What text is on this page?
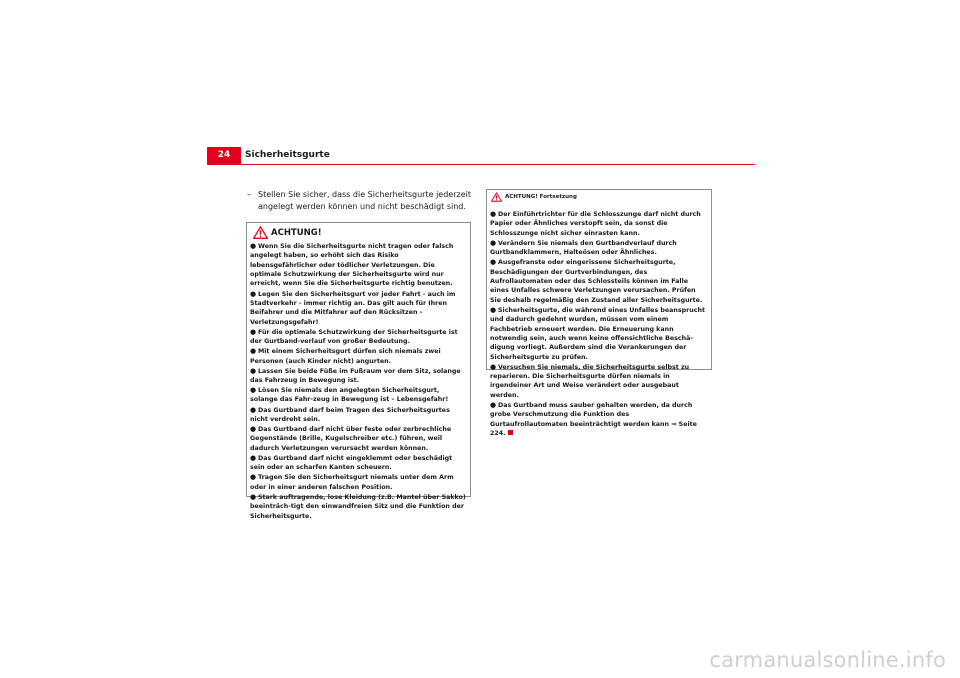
24	Sicherheitsgurte
– Stellen Sie sicher, dass die Sicherheitsgurte jederzeit angelegt werden können und nicht beschädigt sind.
ACHTUNG!
● Wenn Sie die Sicherheitsgurte nicht tragen oder falsch angelegt haben, so erhöht sich das Risiko lebensgefährlicher oder tödlicher Verletzungen. Die optimale Schutzwirkung der Sicherheitsgurte wird nur erreicht, wenn Sie die Sicherheitsgurte richtig benutzen.
● Legen Sie den Sicherheitsgurt vor jeder Fahrt - auch im Stadtverkehr - immer richtig an. Das gilt auch für Ihren Beifahrer und die Mitfahrer auf den Rücksitzen – Verletzungsgefahr!
● Für die optimale Schutzwirkung der Sicherheitsgurte ist der Gurtband-verlauf von großer Bedeutung.
● Mit einem Sicherheitsgurt dürfen sich niemals zwei Personen (auch Kinder nicht) angurten.
● Lassen Sie beide Füße im Fußraum vor dem Sitz, solange das Fahrzeug in Bewegung ist.
● Lösen Sie niemals den angelegten Sicherheitsgurt, solange das Fahr-zeug in Bewegung ist – Lebensgefahr!
● Das Gurtband darf beim Tragen des Sicherheitsgurtes nicht verdreht sein.
● Das Gurtband darf nicht über feste oder zerbrechliche Gegenstände (Brille, Kugelschreiber etc.) führen, weil dadurch Verletzungen verursacht werden können.
● Das Gurtband darf nicht eingeklemmt oder beschädigt sein oder an scharfen Kanten scheuern.
● Tragen Sie den Sicherheitsgurt niemals unter dem Arm oder in einer anderen falschen Position.
● Stark auftragende, lose Kleidung (z.B. Mantel über Sakko) beeinträch-tigt den einwandfreien Sitz und die Funktion der Sicherheitsgurte.
ACHTUNG! Fortsetzung
● Der Einführtrichter für die Schlosszunge darf nicht durch Papier oder Ähnliches verstopft sein, da sonst die Schlosszunge nicht sicher einrasten kann.
● Verändern Sie niemals den Gurtbandverlauf durch Gurtbandklammern, Halteösen oder Ähnliches.
● Ausgefranste oder eingerissene Sicherheitsgurte, Beschädigungen der Gurtverbindungen, des Aufrollautomaten oder des Schlossteils können im Falle eines Unfalles schwere Verletzungen verursachen. Prüfen Sie deshalb regelmäßig den Zustand aller Sicherheitsgurte.
● Sicherheitsgurte, die während eines Unfalles beansprucht und dadurch gedehnt wurden, müssen vom einem Fachbetrieb erneuert werden. Die Erneuerung kann notwendig sein, auch wenn keine offensichtliche Beschä-digung vorliegt. Außerdem sind die Verankerungen der Sicherheitsgurte zu prüfen.
● Versuchen Sie niemals, die Sicherheitsgurte selbst zu reparieren. Die Sicherheitsgurte dürfen niemals in irgendeiner Art und Weise verändert oder ausgebaut werden.
● Das Gurtband muss sauber gehalten werden, da durch grobe Verschmutzung die Funktion des Gurtaufrollautomaten beeinträchtigt werden kann ⇒ Seite 224.
carmanualsonline.info
